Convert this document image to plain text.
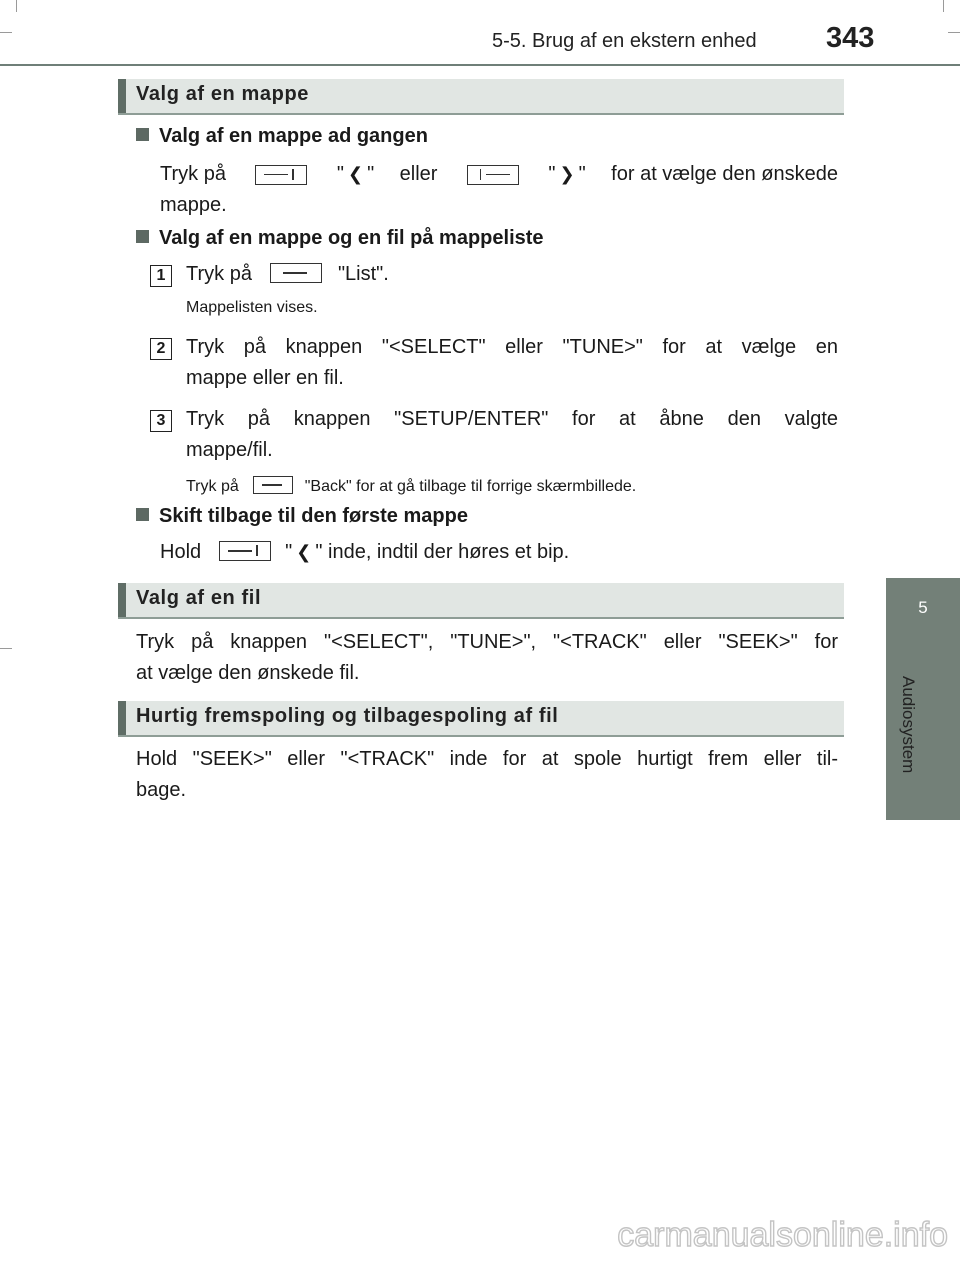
5-5. Brug af en ekstern enhed 343
5
Audiosystem
Valg af en mappe
Valg af en mappe ad gangen
Tryk på	" ❮ " eller	" ❯ " for at vælge den ønskede
mappe.
Valg af en mappe og en fil på mappeliste
1	Tryk på	"List".
Mappelisten vises.
2	Tryk på knappen "<SELECT" eller "TUNE>" for at vælge en
mappe eller en fil.
3	Tryk på knappen "SETUP/ENTER" for at åbne den valgte
mappe/fil.
Tryk på	"Back" for at gå tilbage til forrige skærmbillede.
Skift tilbage til den første mappe
Hold	" ❮ " inde, indtil der høres et bip.
Valg af en fil
Tryk på knappen "<SELECT", "TUNE>", "<TRACK" eller "SEEK>" for
at vælge den ønskede fil.
Hurtig fremspoling og tilbagespoling af fil
Hold "SEEK>" eller "<TRACK" inde for at spole hurtigt frem eller til-
bage.
carmanualsonline.info
